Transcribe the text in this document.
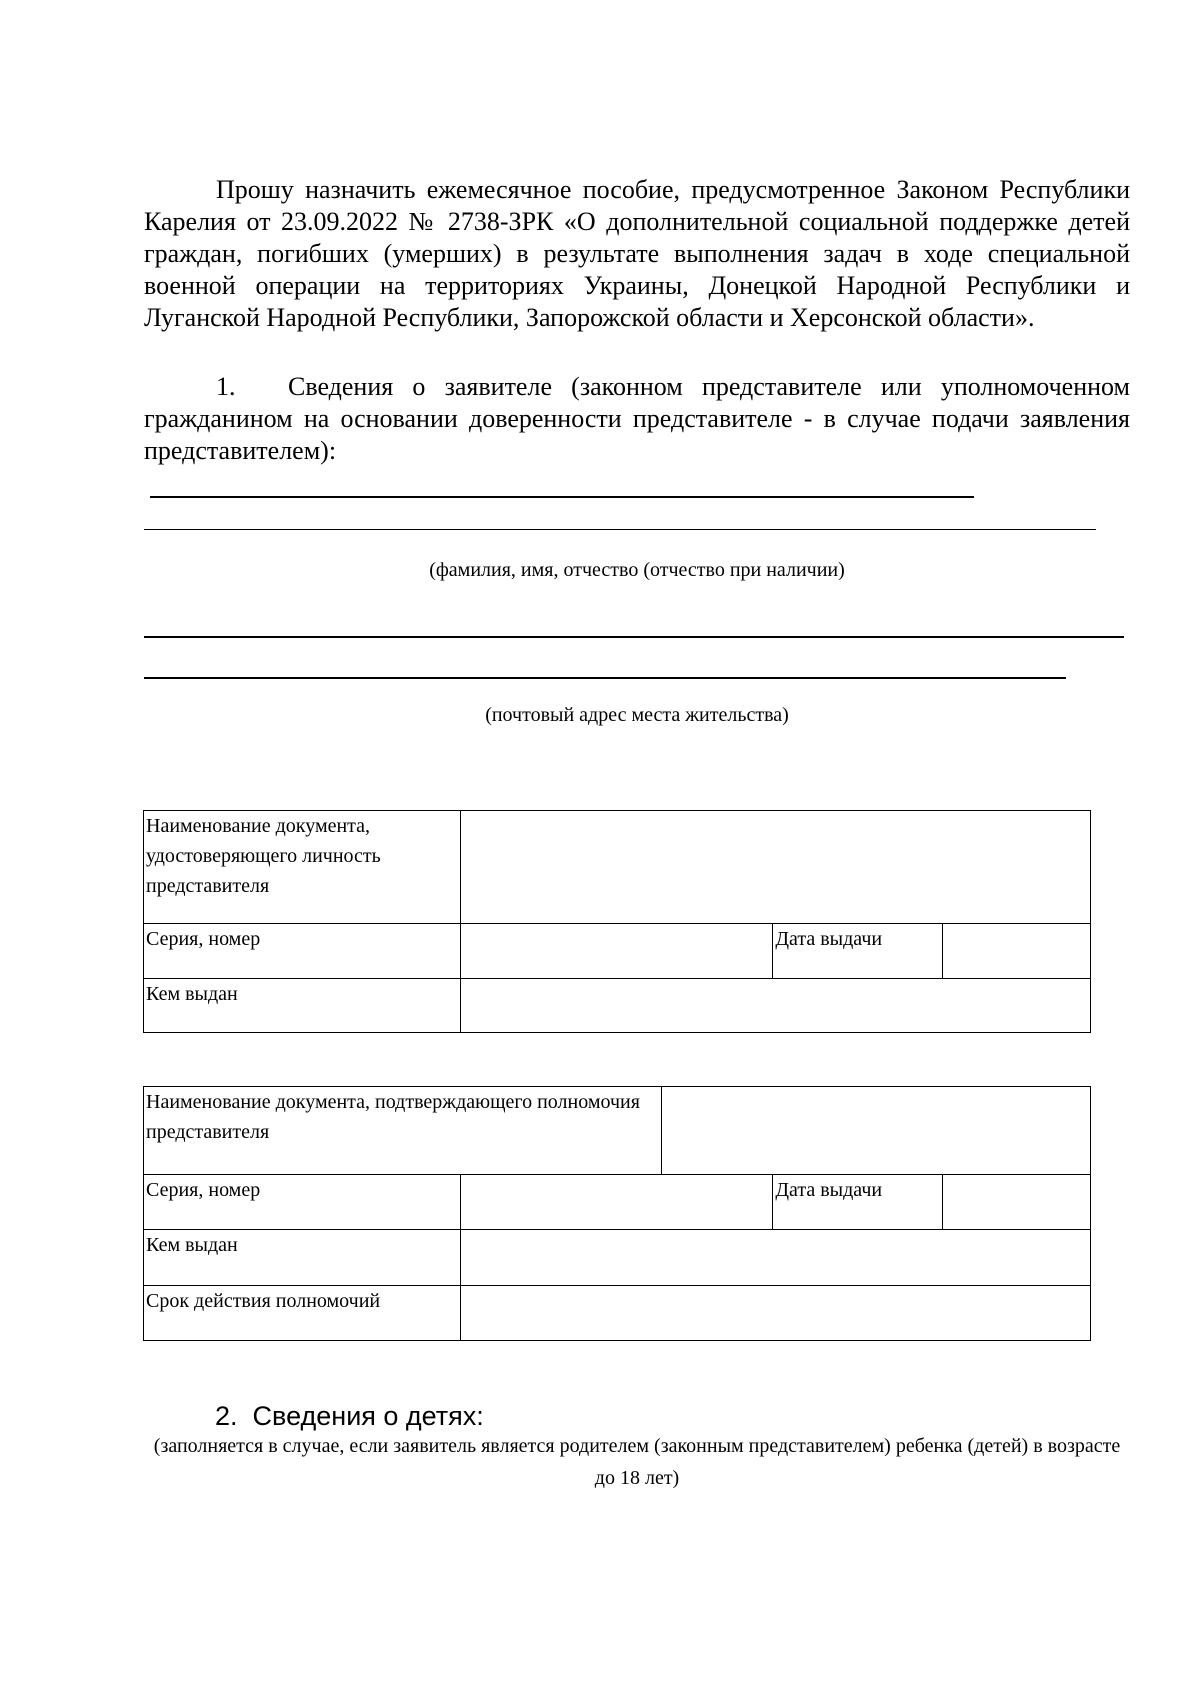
Прошу назначить ежемесячное пособие, предусмотренное Законом Республики Карелия от 23.09.2022 № 2738-ЗРК «О дополнительной социальной поддержке детей граждан, погибших (умерших) в результате выполнения задач в ходе специальной военной операции на территориях Украины, Донецкой Народной Республики и Луганской Народной Республики, Запорожской области и Херсонской области».
1. Сведения о заявителе (законном представителе или уполномоченном гражданином на основании доверенности представителе - в случае подачи заявления представителем):
(фамилия, имя, отчество (отчество при наличии)
(почтовый адрес места жительства)
Наименование документа, удостоверяющего личность представителя			
Серия, номер		Дата выдачи	
Кем выдан			
Наименование документа, подтверждающего полномочия представителя				
Серия, номер			Дата выдачи	
Кем выдан				
Срок действия полномочий				
2. Сведения о детях:
(заполняется в случае, если заявитель является родителем (законным представителем) ребенка (детей) в возрасте до 18 лет)
